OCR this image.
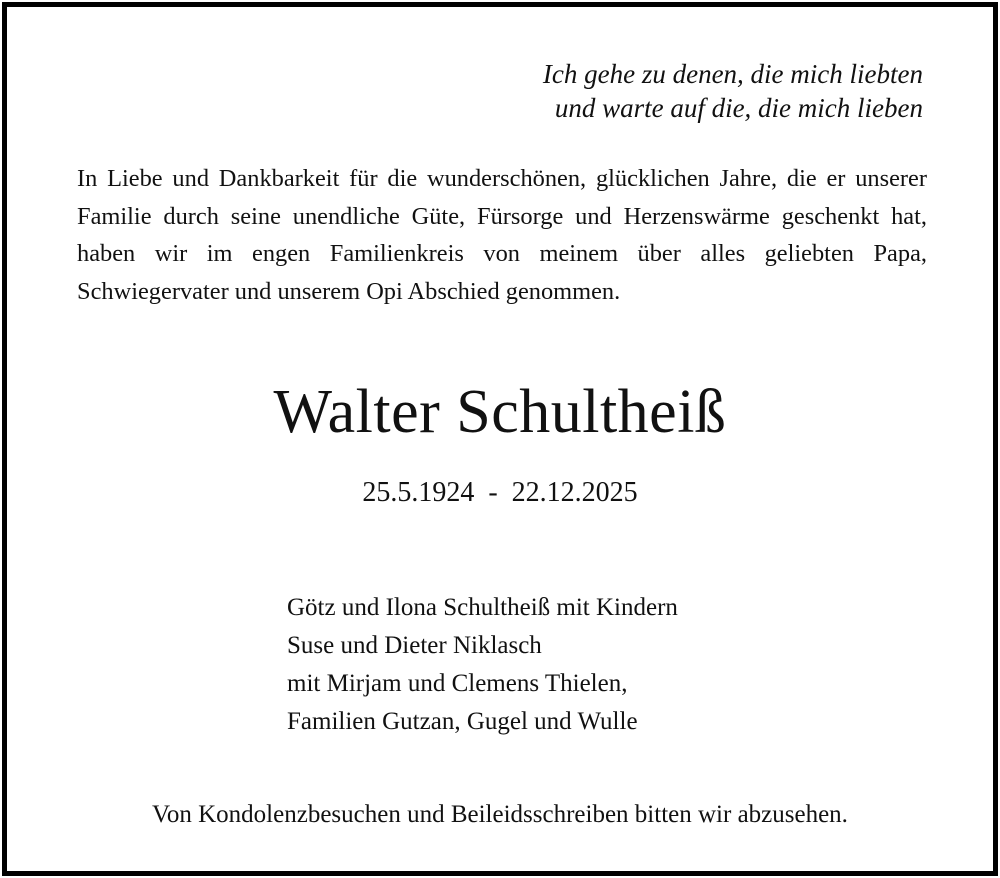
Ich gehe zu denen, die mich liebten
und warte auf die, die mich lieben
In Liebe und Dankbarkeit für die wunderschönen, glücklichen Jahre, die er unserer Familie durch seine unendliche Güte, Fürsorge und Herzenswärme geschenkt hat, haben wir im engen Familienkreis von meinem über alles geliebten Papa, Schwiegervater und unserem Opi Abschied genommen.
Walter Schultheiß
25.5.1924  -  22.12.2025
Götz und Ilona Schultheiß mit Kindern
Suse und Dieter Niklasch
mit Mirjam und Clemens Thielen,
Familien Gutzan, Gugel und Wulle
Von Kondolenzbesuchen und Beileidsschreiben bitten wir abzusehen.
